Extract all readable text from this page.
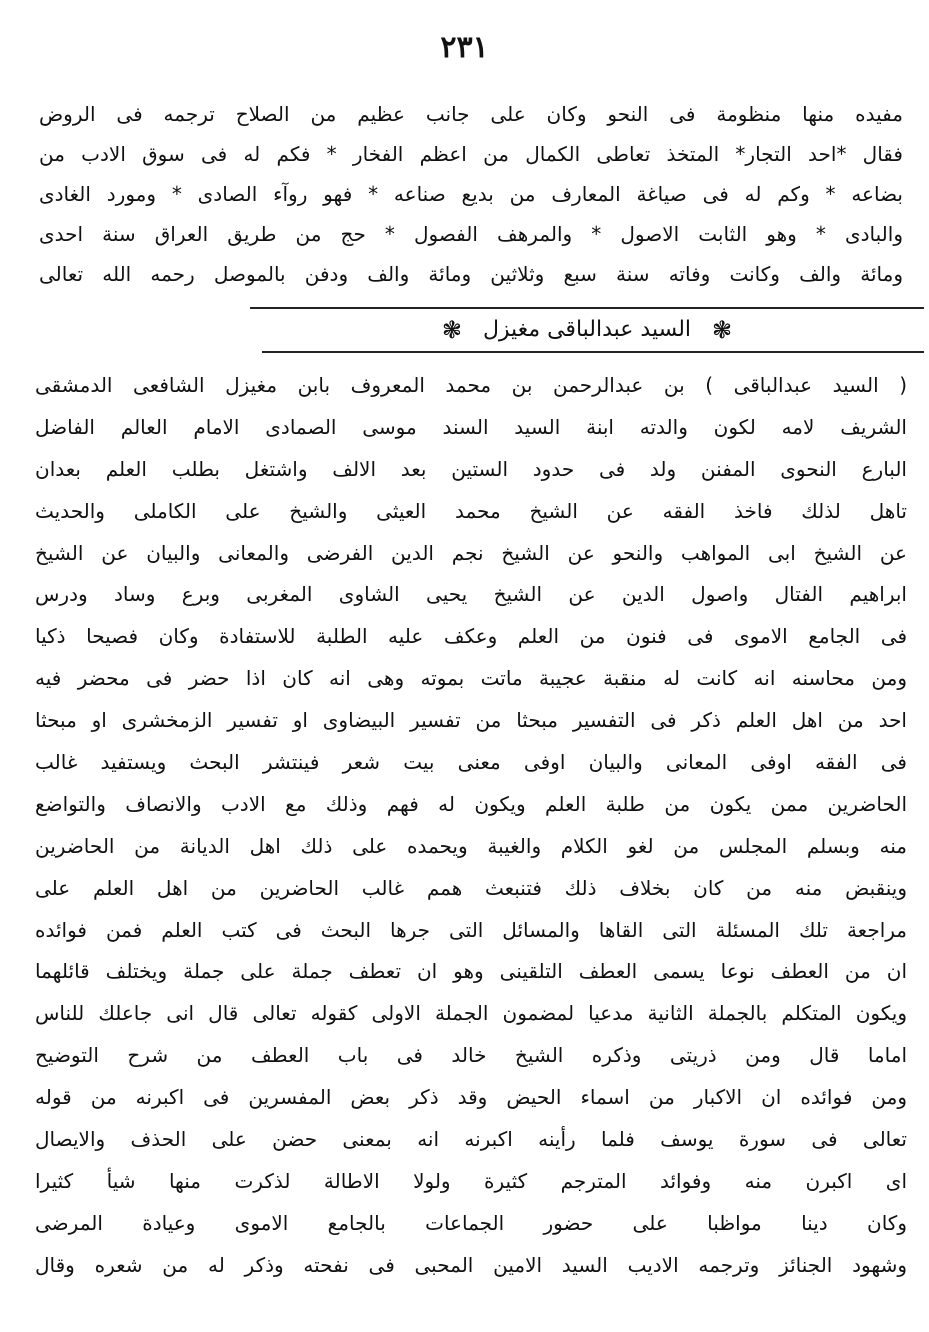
٢٣١
مفيده منها منظومة فى النحو وكان على جانب عظيم من الصلاح ترجمه فى الروض
فقال *احد التجار* المتخذ تعاطى الكمال من اعظم الفخار * فكم له فى سوق الادب من
بضاعه * وكم له فى صياغة المعارف من بديع صناعه * فهو روآء الصادى * ومورد الغادى
والبادى * وهو الثابت الاصول * والمرهف الفصول * حج من طريق العراق سنة احدى
ومائة والف وكانت وفاته سنة سبع وثلاثين ومائة والف ودفن بالموصل رحمه الله تعالى
❃ السيد عبدالباقى مغيزل ❃
( السيد عبدالباقى ) بن عبدالرحمن بن محمد المعروف بابن مغيزل الشافعى الدمشقى
الشريف لامه لكون والدته ابنة السيد السند موسى الصمادى الامام العالم الفاضل
البارع النحوى المفنن ولد فى حدود الستين بعد الالف واشتغل بطلب العلم بعدان
تاهل لذلك فاخذ الفقه عن الشيخ محمد العيثى والشيخ على الكاملى والحديث
عن الشيخ ابى المواهب والنحو عن الشيخ نجم الدين الفرضى والمعانى والبيان عن الشيخ
ابراهيم الفتال واصول الدين عن الشيخ يحيى الشاوى المغربى وبرع وساد ودرس
فى الجامع الاموى فى فنون من العلم وعكف عليه الطلبة للاستفادة وكان فصيحا ذكيا
ومن محاسنه انه كانت له منقبة عجيبة ماتت بموته وهى انه كان اذا حضر فى محضر فيه
احد من اهل العلم ذكر فى التفسير مبحثا من تفسير البيضاوى او تفسير الزمخشرى او مبحثا
فى الفقه اوفى المعانى والبيان اوفى معنى بيت شعر فينتشر البحث ويستفيد غالب
الحاضرين ممن يكون من طلبة العلم ويكون له فهم وذلك مع الادب والانصاف والتواضع
منه وبسلم المجلس من لغو الكلام والغيبة ويحمده على ذلك اهل الديانة من الحاضرين
وينقبض منه من كان بخلاف ذلك فتنبعث همم غالب الحاضرين من اهل العلم على
مراجعة تلك المسئلة التى القاها والمسائل التى جرها البحث فى كتب العلم فمن فوائده
ان من العطف نوعا يسمى العطف التلقينى وهو ان تعطف جملة على جملة ويختلف قائلهما
ويكون المتكلم بالجملة الثانية مدعيا لمضمون الجملة الاولى كقوله تعالى قال انى جاعلك للناس
اماما قال ومن ذريتى وذكره الشيخ خالد فى باب العطف من شرح التوضيح
ومن فوائده ان الاكبار من اسماء الحيض وقد ذكر بعض المفسرين فى اكبرنه من قوله
تعالى فى سورة يوسف فلما رأينه اكبرنه انه بمعنى حضن على الحذف والايصال
اى اكبرن منه وفوائد المترجم كثيرة ولولا الاطالة لذكرت منها شيأ كثيرا
وكان دينا مواظبا على حضور الجماعات بالجامع الاموى وعيادة المرضى
وشهود الجنائز وترجمه الاديب السيد الامين المحبى فى نفحته وذكر له من شعره وقال
